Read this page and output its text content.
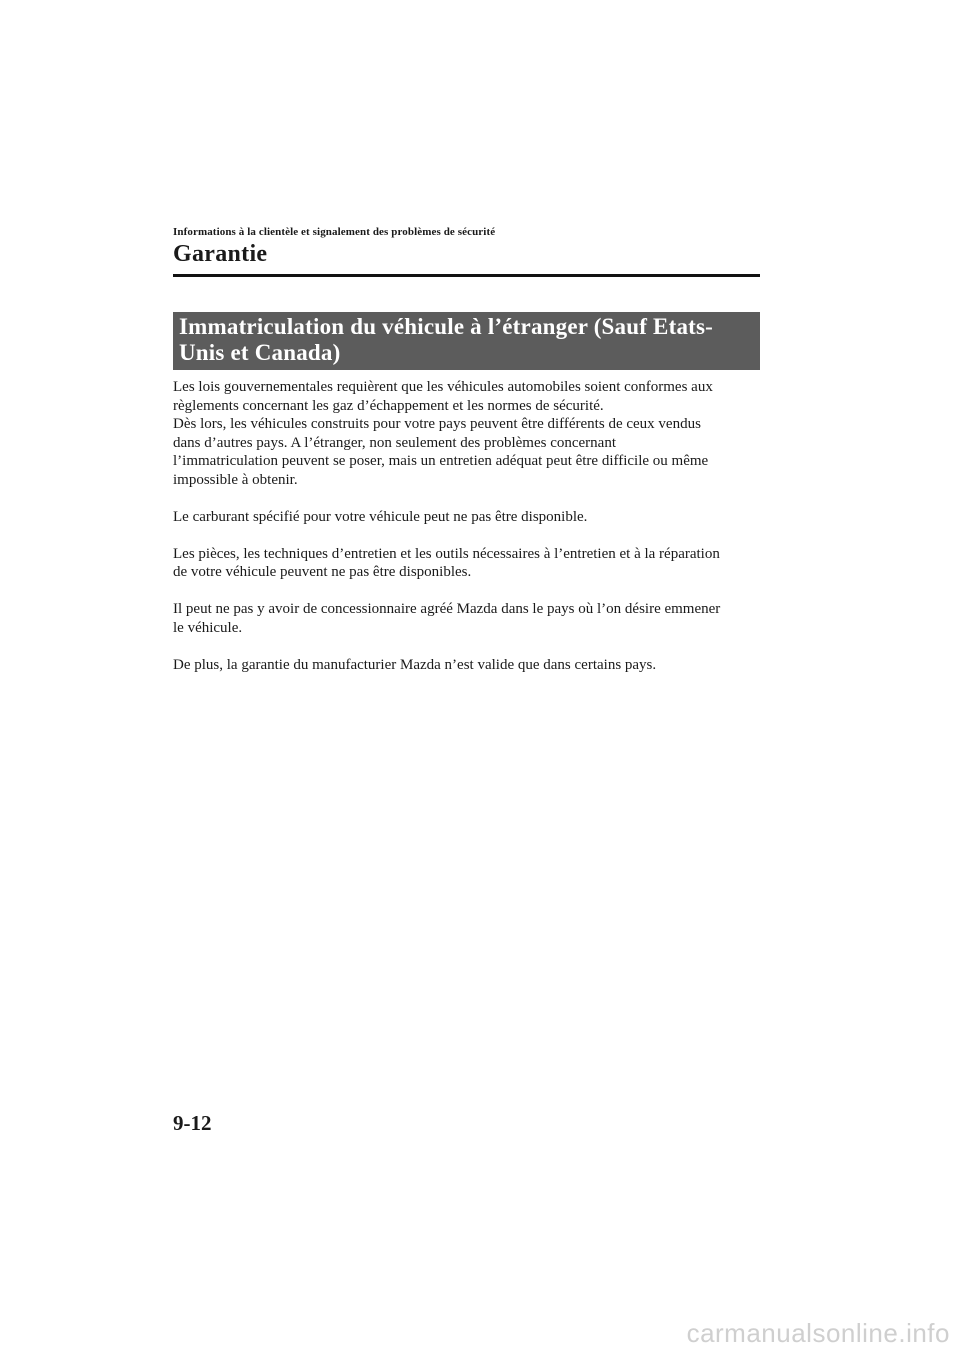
Informations à la clientèle et signalement des problèmes de sécurité
Garantie
Immatriculation du véhicule à l’étranger (Sauf Etats-Unis et Canada)

Les lois gouvernementales requièrent que les véhicules automobiles soient conformes aux
règlements concernant les gaz d’échappement et les normes de sécurité.
Dès lors, les véhicules construits pour votre pays peuvent être différents de ceux vendus
dans d’autres pays. A l’étranger, non seulement des problèmes concernant
l’immatriculation peuvent se poser, mais un entretien adéquat peut être difficile ou même
impossible à obtenir.

Le carburant spécifié pour votre véhicule peut ne pas être disponible.

Les pièces, les techniques d’entretien et les outils nécessaires à l’entretien et à la réparation
de votre véhicule peuvent ne pas être disponibles.

Il peut ne pas y avoir de concessionnaire agréé Mazda dans le pays où l’on désire emmener
le véhicule.

De plus, la garantie du manufacturier Mazda n’est valide que dans certains pays.

9-12
carmanualsonline.info
